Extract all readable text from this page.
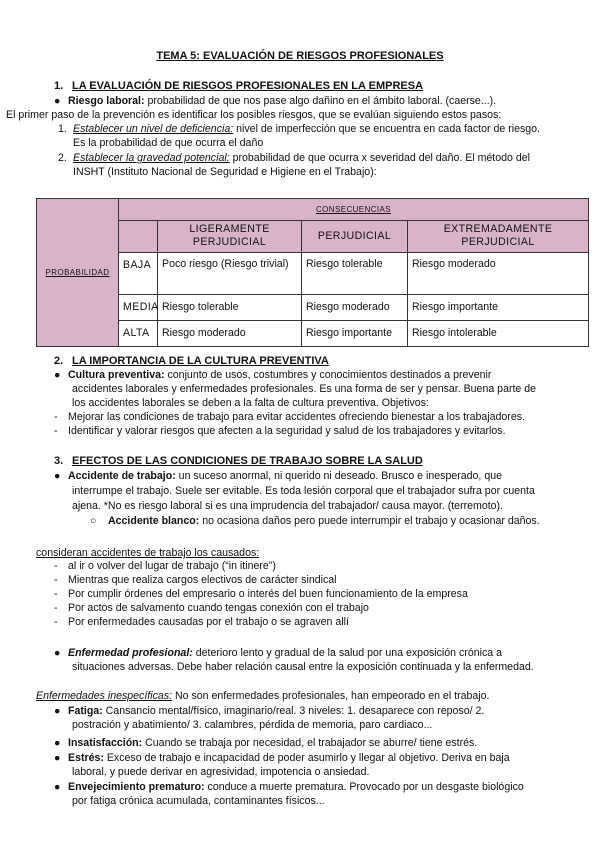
TEMA 5: EVALUACIÓN DE RIESGOS PROFESIONALES
1. LA EVALUACIÓN DE RIESGOS PROFESIONALES EN LA EMPRESA
● Riesgo laboral: probabilidad de que nos pase algo dañino en el ámbito laboral. (caerse...).
El primer paso de la prevención es identificar los posibles riesgos, que se evalúan siguiendo estos pasos:
1. Establecer un nivel de deficiencia: nivel de imperfección que se encuentra en cada factor de riesgo.
Es la probabilidad de que ocurra el daño
2. Establecer la gravedad potencial: probabilidad de que ocurra x severidad del daño. El método del
INSHT (Instituto Nacional de Seguridad e Higiene en el Trabajo):
PROBABILIDAD	CONSECUENCIAS			
		LIGERAMENTE PERJUDICIAL	PERJUDICIAL	EXTREMADAMENTE PERJUDICIAL
	BAJA	Poco riesgo (Riesgo trivial)	Riesgo tolerable	Riesgo moderado
	MEDIA	Riesgo tolerable	Riesgo moderado	Riesgo importante
	ALTA	Riesgo moderado	Riesgo importante	Riesgo intolerable
2. LA IMPORTANCIA DE LA CULTURA PREVENTIVA
● Cultura preventiva: conjunto de usos, costumbres y conocimientos destinados a prevenir
accidentes laborales y enfermedades profesionales. Es una forma de ser y pensar. Buena parte de
los accidentes laborales se deben a la falta de cultura preventiva. Objetivos:
- Mejorar las condiciones de trabajo para evitar accidentes ofreciendo bienestar a los trabajadores.
- Identificar y valorar riesgos que afecten a la seguridad y salud de los trabajadores y evitarlos.
3. EFECTOS DE LAS CONDICIONES DE TRABAJO SOBRE LA SALUD
● Accidente de trabajo: un suceso anormal, ni querido ni deseado. Brusco e inesperado, que
interrumpe el trabajo. Suele ser evitable. Es toda lesión corporal que el trabajador sufra por cuenta
ajena. *No es riesgo laboral si es una imprudencia del trabajador/ causa mayor. (terremoto).
○ Accidente blanco: no ocasiona daños pero puede interrumpir el trabajo y ocasionar daños.
consideran accidentes de trabajo los causados:
- al ir o volver del lugar de trabajo (“in itinere”)
- Mientras que realiza cargos electivos de carácter sindical
- Por cumplir órdenes del empresario o interés del buen funcionamiento de la empresa
- Por actos de salvamento cuando tengas conexión con el trabajo
- Por enfermedades causadas por el trabajo o se agraven allí
● Enfermedad profesional: deterioro lento y gradual de la salud por una exposición crónica a
situaciones adversas. Debe haber relación causal entre la exposición continuada y la enfermedad.
Enfermedades inespecíficas: No son enfermedades profesionales, han empeorado en el trabajo.
● Fatiga: Cansancio mental/físico, imaginario/real. 3 niveles: 1. desaparece con reposo/ 2.
postración y abatimiento/ 3. calambres, pérdida de memoria, paro cardiaco...
● Insatisfacción: Cuando se trabaja por necesidad, el trabajador se aburre/ tiene estrés.
● Estrés: Exceso de trabajo e incapacidad de poder asumirlo y llegar al objetivo. Deriva en baja
laboral, y puede derivar en agresividad, impotencia o ansiedad.
● Envejecimiento prematuro: conduce a muerte prematura. Provocado por un desgaste biológico
por fatiga crónica acumulada, contaminantes físicos...
